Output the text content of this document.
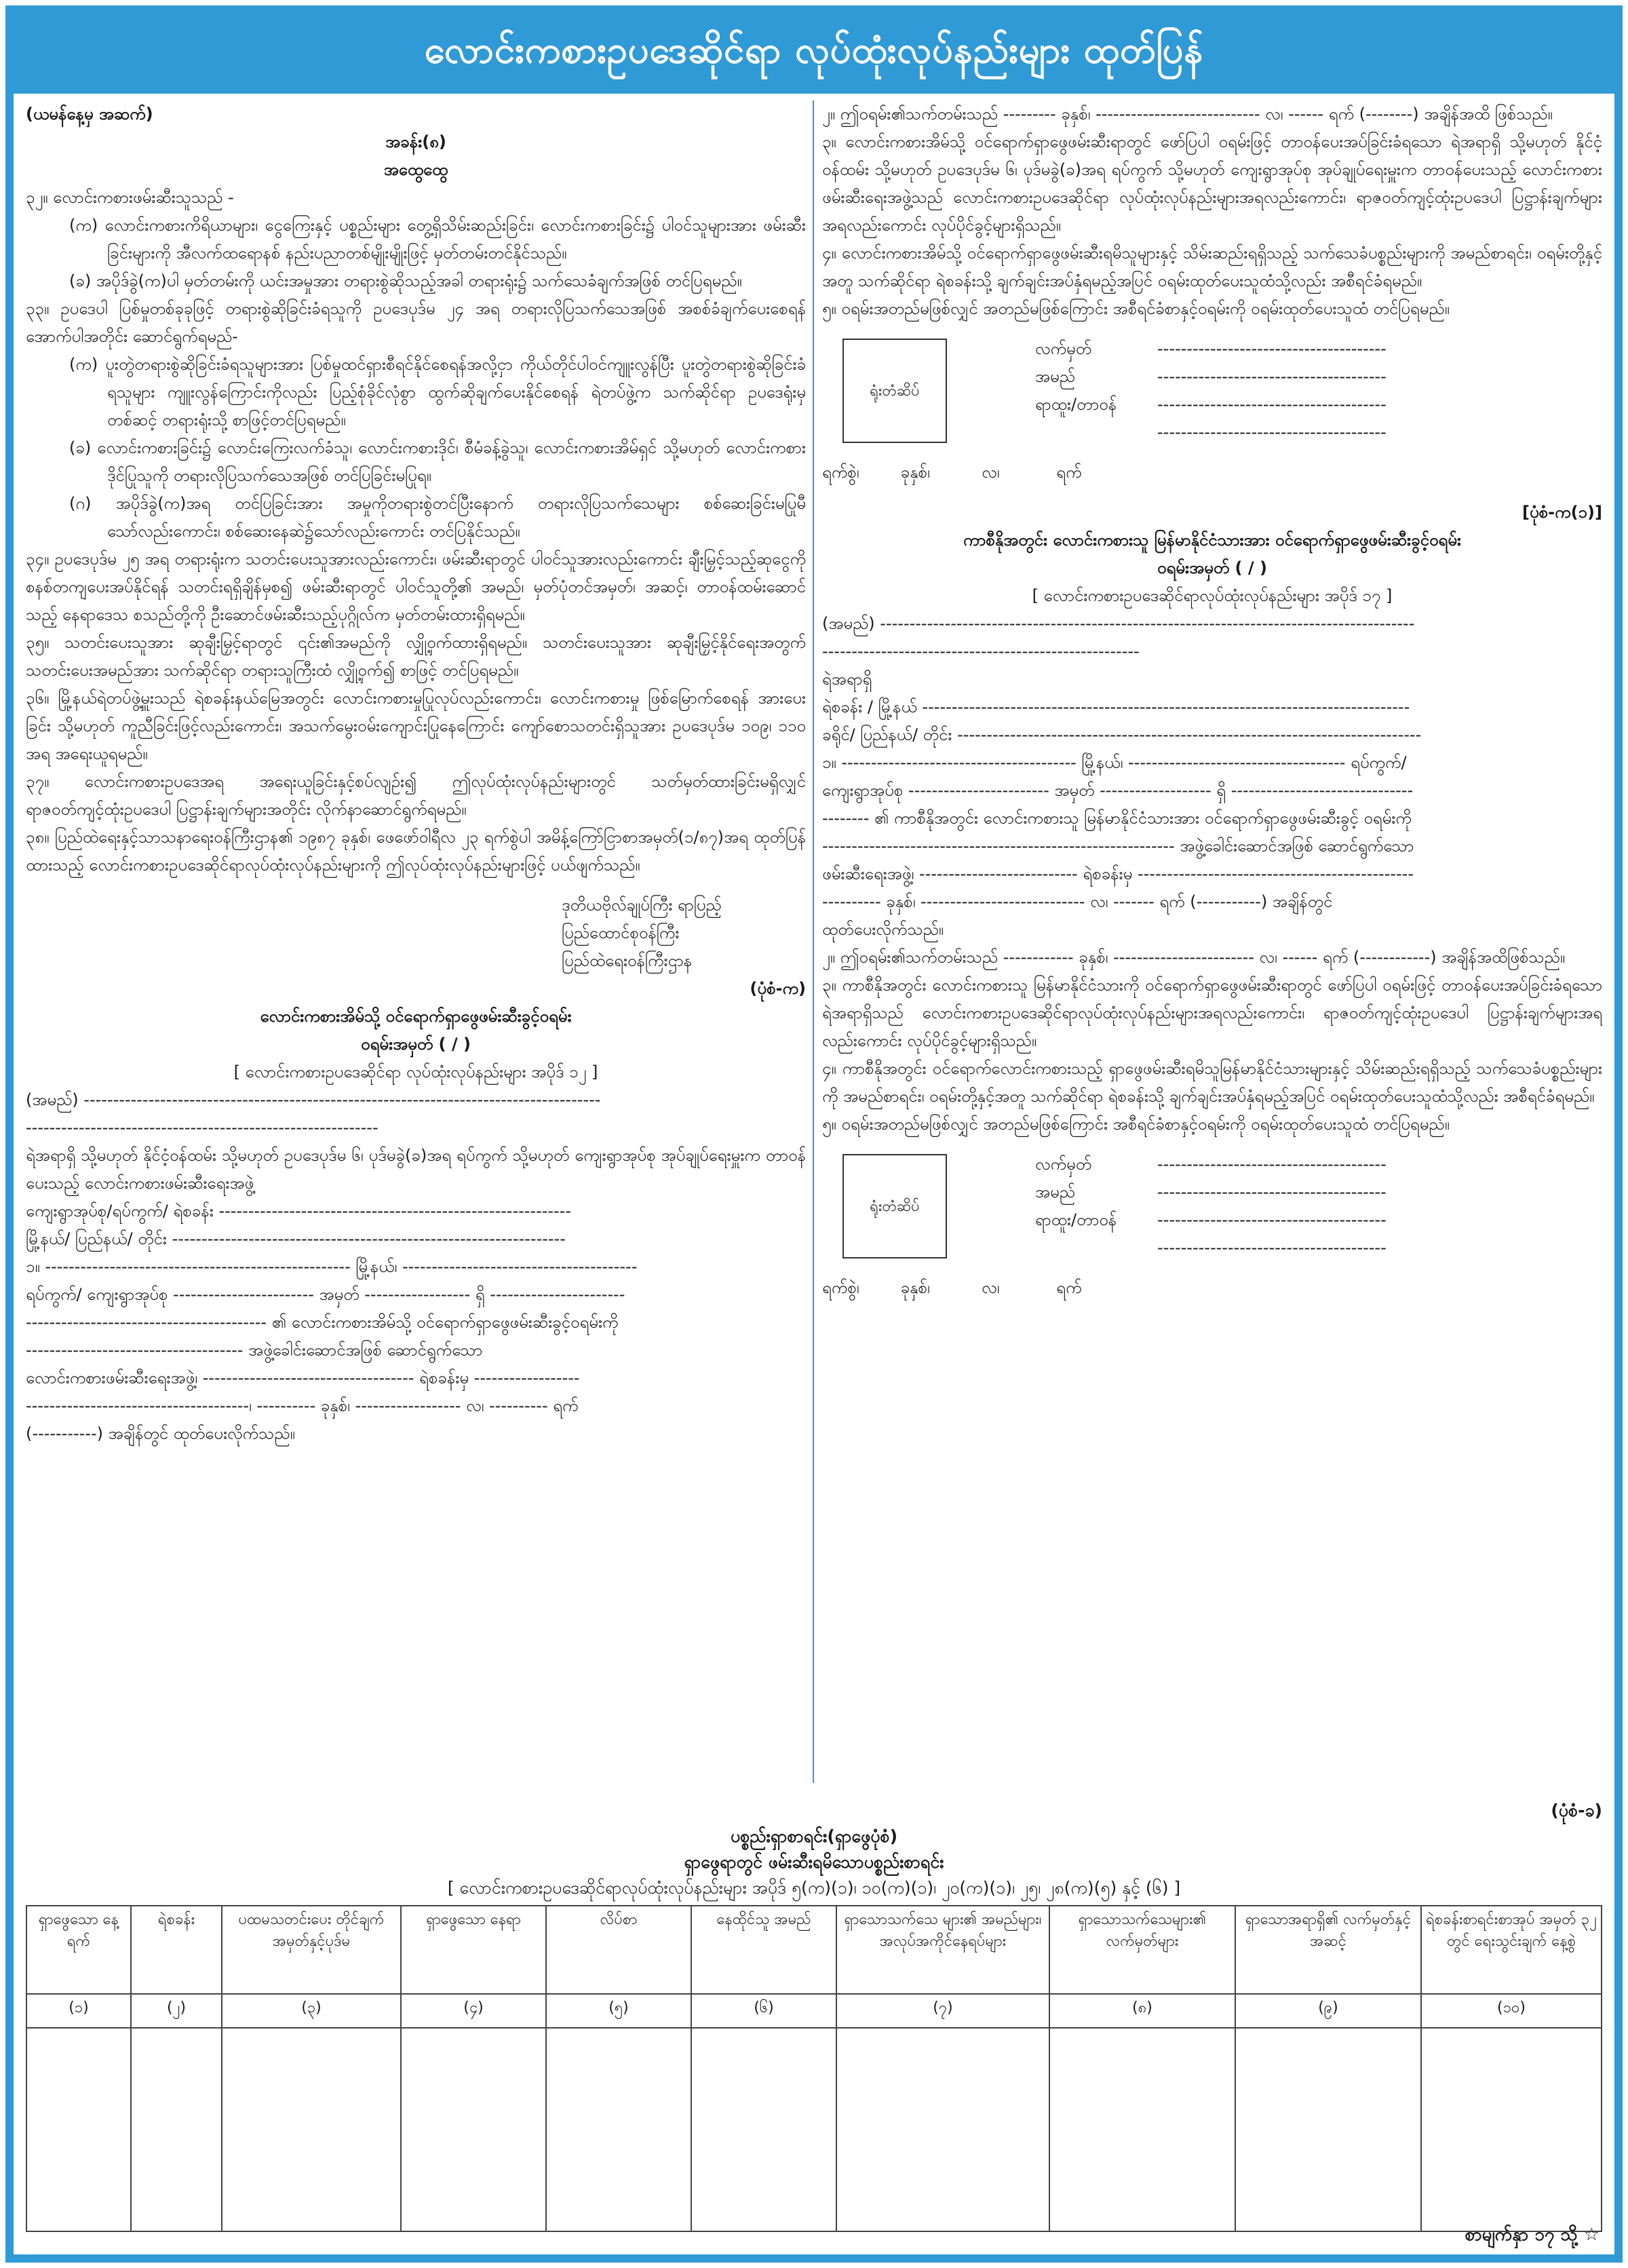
လောင်းကစားဥပဒေဆိုင်ရာ လုပ်ထုံးလုပ်နည်းများ ထုတ်ပြန်

(ယမန်နေ့မှ အဆက်)

အခန်း(၈)

အထွေထွေ

၃၂။ လောင်းကစားဖမ်းဆီးသူသည် -

(က) လောင်းကစားကိရိယာများ၊ ငွေကြေးနှင့် ပစ္စည်းများ တွေ့ရှိသိမ်းဆည်းခြင်း၊ လောင်းကစားခြင်း၌ ပါဝင်သူများအား ဖမ်းဆီးခြင်းများကို အီလက်ထရောနစ် နည်းပညာတစ်မျိုးမျိုးဖြင့် မှတ်တမ်းတင်နိုင်သည်။

(ခ) အပိုဒ်ခွဲ(က)ပါ မှတ်တမ်းကို ယင်းအမှုအား တရားစွဲဆိုသည့်အခါ တရားရုံး၌ သက်သေခံချက်အဖြစ် တင်ပြရမည်။

၃၃။ ဥပဒေပါ ပြစ်မှုတစ်ခုခုဖြင့် တရားစွဲဆိုခြင်းခံရသူကို ဥပဒေပုဒ်မ ၂၄ အရ တရားလိုပြသက်သေအဖြစ် အစစ်ခံချက်ပေးစေရန် အောက်ပါအတိုင်း ဆောင်ရွက်ရမည်-

(က) ပူးတွဲတရားစွဲဆိုခြင်းခံရသူများအား ပြစ်မှုထင်ရှားစီရင်နိုင်စေရန်အလို့ငှာ ကိုယ်တိုင်ပါဝင်ကျူးလွန်ပြီး ပူးတွဲတရားစွဲဆိုခြင်းခံရသူများ ကျူးလွန်ကြောင်းကိုလည်း ပြည့်စုံခိုင်လုံစွာ ထွက်ဆိုချက်ပေးနိုင်စေရန် ရဲတပ်ဖွဲ့က သက်ဆိုင်ရာ ဥပဒေရုံးမှတစ်ဆင့် တရားရုံးသို့ စာဖြင့်တင်ပြရမည်။

(ခ) လောင်းကစားခြင်း၌ လောင်းကြေးလက်ခံသူ၊ လောင်းကစားဒိုင်၊ စီမံခန့်ခွဲသူ၊ လောင်းကစားအိမ်ရှင် သို့မဟုတ် လောင်းကစားဒိုင်ပြုသူကို တရားလိုပြသက်သေအဖြစ် တင်ပြခြင်းမပြုရ။

(ဂ) အပိုဒ်ခွဲ(က)အရ တင်ပြခြင်းအား အမှုကိုတရားစွဲတင်ပြီးနောက် တရားလိုပြသက်သေများ စစ်ဆေးခြင်းမပြုမီ သော်လည်းကောင်း၊ စစ်ဆေးနေဆဲ၌သော်လည်းကောင်း တင်ပြနိုင်သည်။

၃၄။ ဥပဒေပုဒ်မ ၂၅ အရ တရားရုံးက သတင်းပေးသူအားလည်းကောင်း၊ ဖမ်းဆီးရာတွင် ပါဝင်သူအားလည်းကောင်း ချီးမြှင့်သည့်ဆုငွေကို စနစ်တကျပေးအပ်နိုင်ရန် သတင်းရရှိချိန်မှစ၍ ဖမ်းဆီးရာတွင် ပါဝင်သူတို့၏ အမည်၊ မှတ်ပုံတင်အမှတ်၊ အဆင့်၊ တာဝန်ထမ်းဆောင်သည့် နေရာဒေသ စသည်တို့ကို ဦးဆောင်ဖမ်းဆီးသည့်ပုဂ္ဂိုလ်က မှတ်တမ်းထားရှိရမည်။

၃၅။ သတင်းပေးသူအား ဆုချီးမြှင့်ရာတွင် ၎င်း၏အမည်ကို လျှို့ဝှက်ထားရှိရမည်။ သတင်းပေးသူအား ဆုချီးမြှင့်နိုင်ရေးအတွက် သတင်းပေးအမည်အား သက်ဆိုင်ရာ တရားသူကြီးထံ လျှို့ဝှက်၍ စာဖြင့် တင်ပြရမည်။

၃၆။ မြို့နယ်ရဲတပ်ဖွဲ့မှူးသည် ရဲစခန်းနယ်မြေအတွင်း လောင်းကစားမှုပြုလုပ်လည်းကောင်း၊ လောင်းကစားမှု ဖြစ်မြောက်စေရန် အားပေးခြင်း သို့မဟုတ် ကူညီခြင်းဖြင့်လည်းကောင်း၊ အသက်မွေးဝမ်းကျောင်းပြုနေကြောင်း ကျော်စောသတင်းရှိသူအား ဥပဒေပုဒ်မ ၁၀၉၊ ၁၁၀ အရ အရေးယူရမည်။

၃၇။ လောင်းကစားဥပဒေအရ အရေးယူခြင်းနှင့်စပ်လျဉ်း၍ ဤလုပ်ထုံးလုပ်နည်းများတွင် သတ်မှတ်ထားခြင်းမရှိလျှင် ရာဇဝတ်ကျင့်ထုံးဥပဒေပါ ပြဋ္ဌာန်းချက်များအတိုင်း လိုက်နာဆောင်ရွက်ရမည်။

၃၈။ ပြည်ထဲရေးနှင့်သာသနာရေးဝန်ကြီးဌာန၏ ၁၉၈၇ ခုနှစ်၊ ဖေဖော်ဝါရီလ ၂၃ ရက်စွဲပါ အမိန့်ကြော်ငြာစာအမှတ်(၁/၈၇)အရ ထုတ်ပြန်ထားသည့် လောင်းကစားဥပဒေဆိုင်ရာလုပ်ထုံးလုပ်နည်းများကို ဤလုပ်ထုံးလုပ်နည်းများဖြင့် ပယ်ဖျက်သည်။

ဒုတိယဗိုလ်ချုပ်ကြီး ရာပြည့်

ပြည်ထောင်စုဝန်ကြီး

ပြည်ထဲရေးဝန်ကြီးဌာန

(ပုံစံ-က)

လောင်းကစားအိမ်သို့ ဝင်ရောက်ရှာဖွေဖမ်းဆီးခွင့်ဝရမ်း

ဝရမ်းအမှတ် ( / )

[ လောင်းကစားဥပဒေဆိုင်ရာ လုပ်ထုံးလုပ်နည်းများ အပိုဒ် ၁၂ ]

(အမည်) ----------------------------------------------------------------------------------------

------------------------------------------------------------

ရဲအရာရှိ သို့မဟုတ် နိုင်ငံ့ဝန်ထမ်း သို့မဟုတ် ဥပဒေပုဒ်မ ၆၊ ပုဒ်မခွဲ(ခ)အရ ရပ်ကွက် သို့မဟုတ် ကျေးရွာအုပ်စု အုပ်ချုပ်ရေးမှူးက တာဝန်ပေးသည့် လောင်းကစားဖမ်းဆီးရေးအဖွဲ့

ကျေးရွာအုပ်စု/ရပ်ကွက်/ ရဲစခန်း ------------------------------------------------------------

မြို့နယ်/ ပြည်နယ်/ တိုင်း -------------------------------------------------------------------

၁။ ---------------------------------------------------- မြို့နယ်၊ ----------------------------------------

ရပ်ကွက်/ ကျေးရွာအုပ်စု ------------------------ အမှတ် ------------------ ရှိ -----------------------

----------------------------------------- ၏ လောင်းကစားအိမ်သို့ ဝင်ရောက်ရှာဖွေဖမ်းဆီးခွင့်ဝရမ်းကို

------------------------------------- အဖွဲ့ခေါင်းဆောင်အဖြစ် ဆောင်ရွက်သော

လောင်းကစားဖမ်းဆီးရေးအဖွဲ့၊ ------------------------------------ ရဲစခန်းမှ ------------------

--------------------------------------၊ ---------- ခုနှစ်၊ ------------------ လ၊ ---------- ရက်

(-----------) အချိန်တွင် ထုတ်ပေးလိုက်သည်။

၂။ ဤဝရမ်း၏သက်တမ်းသည် --------- ခုနှစ်၊ ---------------------------- လ၊ ------ ရက် (--------) အချိန်အထိ ဖြစ်သည်။

၃။ လောင်းကစားအိမ်သို့ ဝင်ရောက်ရှာဖွေဖမ်းဆီးရာတွင် ဖော်ပြပါ ဝရမ်းဖြင့် တာဝန်ပေးအပ်ခြင်းခံရသော ရဲအရာရှိ သို့မဟုတ် နိုင်ငံ့ဝန်ထမ်း သို့မဟုတ် ဥပဒေပုဒ်မ ၆၊ ပုဒ်မခွဲ(ခ)အရ ရပ်ကွက် သို့မဟုတ် ကျေးရွာအုပ်စု အုပ်ချုပ်ရေးမှူးက တာဝန်ပေးသည့် လောင်းကစားဖမ်းဆီးရေးအဖွဲ့သည် လောင်းကစားဥပဒေဆိုင်ရာ လုပ်ထုံးလုပ်နည်းများအရလည်းကောင်း၊ ရာဇဝတ်ကျင့်ထုံးဥပဒေပါ ပြဋ္ဌာန်းချက်များအရလည်းကောင်း လုပ်ပိုင်ခွင့်များရှိသည်။

၄။ လောင်းကစားအိမ်သို့ ဝင်ရောက်ရှာဖွေဖမ်းဆီးရမိသူများနှင့် သိမ်းဆည်းရရှိသည့် သက်သေခံပစ္စည်းများကို အမည်စာရင်း၊ ဝရမ်းတို့နှင့်အတူ သက်ဆိုင်ရာ ရဲစခန်းသို့ ချက်ချင်းအပ်နှံရမည့်အပြင် ဝရမ်းထုတ်ပေးသူထံသို့လည်း အစီရင်ခံရမည်။

၅။ ဝရမ်းအတည်မဖြစ်လျှင် အတည်မဖြစ်ကြောင်း အစီရင်ခံစာနှင့်ဝရမ်းကို ဝရမ်းထုတ်ပေးသူထံ တင်ပြရမည်။

ရုံးတံဆိပ်
လက်မှတ်	---------------------------------------
အမည်	---------------------------------------
ရာထူး/တာဝန်	---------------------------------------
---------------------------------------

ရက်စွဲ၊        ခုနှစ်၊          လ၊           ရက်

[ပုံစံ-က(၁)]

ကာစီနိုအတွင်း လောင်းကစားသူ မြန်မာနိုင်ငံသားအား ဝင်ရောက်ရှာဖွေဖမ်းဆီးခွင့်ဝရမ်း

ဝရမ်းအမှတ် ( / )

[ လောင်းကစားဥပဒေဆိုင်ရာလုပ်ထုံးလုပ်နည်းများ အပိုဒ် ၁၇ ]

(အမည်) -------------------------------------------------------------------------------------------

------------------------------------------------------

ရဲအရာရှိ

ရဲစခန်း / မြို့နယ် -----------------------------------------------------------------------------------

ခရိုင်/ ပြည်နယ်/ တိုင်း -------------------------------------------------------------------------------

၁။ ---------------------------------------- မြို့နယ်၊ ------------------------------------- ရပ်ကွက်/

ကျေးရွာအုပ်စု ------------------------ အမှတ် ------------------- ရှိ -------------------------------

-------- ၏ ကာစီနိုအတွင်း လောင်းကစားသူ မြန်မာနိုင်ငံသားအား ဝင်ရောက်ရှာဖွေဖမ်းဆီးခွင့် ဝရမ်းကို

------------------------------------------------------------ အဖွဲ့ခေါင်းဆောင်အဖြစ် ဆောင်ရွက်သော

ဖမ်းဆီးရေးအဖွဲ့၊ --------------------------- ရဲစခန်းမှ -----------------------------------------------

---------- ခုနှစ်၊ ---------------------------- လ၊ ------- ရက် (-----------) အချိန်တွင်

ထုတ်ပေးလိုက်သည်။

၂။ ဤဝရမ်း၏သက်တမ်းသည် ------------ ခုနှစ်၊ ------------------------ လ၊ ------ ရက် (------------) အချိန်အထိဖြစ်သည်။

၃။ ကာစီနိုအတွင်း လောင်းကစားသူ မြန်မာနိုင်ငံသားကို ဝင်ရောက်ရှာဖွေဖမ်းဆီးရာတွင် ဖော်ပြပါ ဝရမ်းဖြင့် တာဝန်ပေးအပ်ခြင်းခံရသော ရဲအရာရှိသည် လောင်းကစားဥပဒေဆိုင်ရာလုပ်ထုံးလုပ်နည်းများအရလည်းကောင်း၊ ရာဇဝတ်ကျင့်ထုံးဥပဒေပါ ပြဋ္ဌာန်းချက်များအရလည်းကောင်း လုပ်ပိုင်ခွင့်များရှိသည်။

၄။ ကာစီနိုအတွင်း ဝင်ရောက်လောင်းကစားသည့် ရှာဖွေဖမ်းဆီးရမိသူမြန်မာနိုင်ငံသားများနှင့် သိမ်းဆည်းရရှိသည့် သက်သေခံပစ္စည်းများကို အမည်စာရင်း၊ ဝရမ်းတို့နှင့်အတူ သက်ဆိုင်ရာ ရဲစခန်းသို့ ချက်ချင်းအပ်နှံရမည့်အပြင် ဝရမ်းထုတ်ပေးသူထံသို့လည်း အစီရင်ခံရမည်။

၅။ ဝရမ်းအတည်မဖြစ်လျှင် အတည်မဖြစ်ကြောင်း အစီရင်ခံစာနှင့်ဝရမ်းကို ဝရမ်းထုတ်ပေးသူထံ တင်ပြရမည်။

ရုံးတံဆိပ်
လက်မှတ်	---------------------------------------
အမည်	---------------------------------------
ရာထူး/တာဝန်	---------------------------------------
---------------------------------------

ရက်စွဲ၊        ခုနှစ်၊          လ၊           ရက်

(ပုံစံ-ခ)
ပစ္စည်းရှာစာရင်း(ရှာဖွေပုံစံ)
ရှာဖွေရာတွင် ဖမ်းဆီးရမိသောပစ္စည်းစာရင်း
[ လောင်းကစားဥပဒေဆိုင်ရာလုပ်ထုံးလုပ်နည်းများ အပိုဒ် ၅(က)(၁)၊ ၁၀(က)(၁)၊ ၂၀(က)(၁)၊ ၂၅၊ ၂၈(က)(၅) နှင့် (၆) ]
ရှာဖွေသော နေ့ရက်	ရဲစခန်း	ပထမသတင်းပေး တိုင်ချက် အမှတ်နှင့်ပုဒ်မ	ရှာဖွေသော နေရာ	လိပ်စာ	နေထိုင်သူ အမည်	ရှာသောသက်သေ များ၏ အမည်များ၊ အလုပ်အကိုင်နေရပ်များ	ရှာသောသက်သေများ၏ လက်မှတ်များ	ရှာသောအရာရှိ၏ လက်မှတ်နှင့်အဆင့်	ရဲစခန်းစာရင်းစာအုပ် အမှတ် ၃၂ တွင် ရေးသွင်းချက် နေ့စွဲ
(၁)	(၂)	(၃)	(၄)	(၅)	(၆)	(၇)	(၈)	(၉)	(၁၀)

စာမျက်နှာ ၁၇ သို့ ☆
